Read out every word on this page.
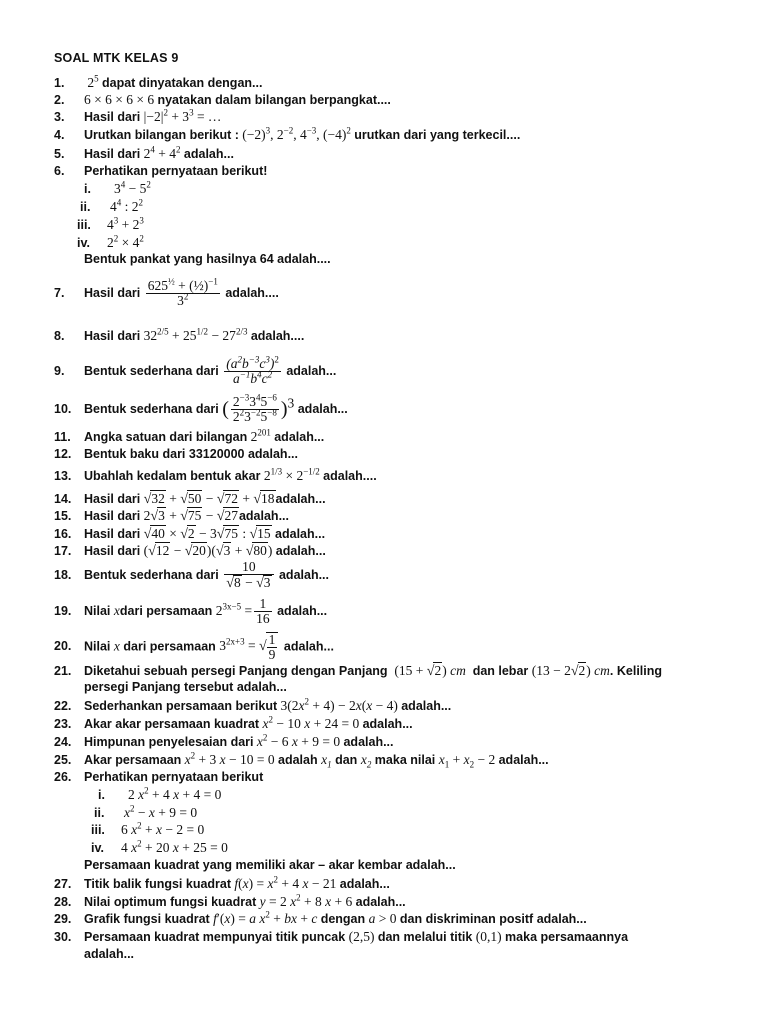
SOAL MTK KELAS 9
1. $2^5$ dapat dinyatakan dengan...
2. 6 × 6 × 6 × 6 nyatakan dalam bilangan berpangkat....
3. Hasil dari $|-2|^2 + 3^3$ = …
4. Urutkan bilangan berikut : $(-2)^3$, $2^{-2}$, $4^{-3}$, $(-4)^2$ urutkan dari yang terkecil....
5. Hasil dari $2^4 + 4^2$ adalah...
6. Perhatikan pernyataan berikut!
i. $3^4 - 5^2$
ii. $4^4$ : $2^2$
iii. $4^3 + 2^3$
iv. $2^2 \times 4^2$
Bentuk pankat yang hasilnya 64 adalah....
7. Hasil dari $\frac{625^{\frac{1}{2}} + (\frac{1}{2})^{-1}}{3^2}$ adalah....
8. Hasil dari $32^{2/5} + 25^{1/2} - 27^{2/3}$ adalah....
9. Bentuk sederhana dari $\frac{(a^2b^{-3}c^3)^2}{a^{-1}b^4c^2}$ adalah...
10. Bentuk sederhana dari ( $\frac{2^{-3}3^45^{-6}}{2^23^{-2}5^{-8}} )^3$ adalah...
11. Angka satuan dari bilangan $2^{201}$ adalah...
12. Bentuk baku dari 33120000 adalah...
13. Ubahlah kedalam bentuk akar $2^{1/3} \times 2^{-1/2}$ adalah....
14. Hasil dari √32 + √50 − √72 + √18adalah...
15. Hasil dari 2√3 + √75 − √27adalah...
16. Hasil dari √40 × √2 − 3√75 : √15 adalah...
17. Hasil dari (√12 − √20)(√3 + √80) adalah...
18. Bentuk sederhana dari $\frac{10}{√8 - √3}$ adalah...
19. Nilai xdari persamaan $2^{3x-5} = \frac{1}{16}$ adalah...
20. Nilai x dari persamaan $3^{2x+3}$ = √ $\frac{1}{9}$ adalah...
21. Diketahui sebuah persegi Panjang dengan Panjang  (15 + √2) cm dan lebar (13 − 2√2) cm. Keliling
persegi Panjang tersebut adalah...
22. Sederhankan persamaan berikut $3(2x^2 + 4) - 2x(x - 4)$ adalah...
23. Akar akar persamaan kuadrat $x^2 - 10$ x + 24 = 0 adalah...
24. Himpunan penyelesaian dari $x^2 - 6$ x + 9 = 0 adalah...
25. Akar persamaan $x^2 + 3$ x − 10 = 0 adalah $x_1$ dan $x_2$ maka nilai $x_1 + x_2 - 2$ adalah...
26. Perhatikan pernyataan berikut
i. 2 $x^2 + 4$ x + 4 = 0
ii. $x^2 - x + 9 = 0$
iii. 6 $x^2 + x - 2 = 0$
iv. 4 $x^2 + 20$ x + 25 = 0
Persamaan kuadrat yang memiliki akar – akar kembar adalah...
27. Titik balik fungsi kuadrat $f(x) = x^2 + 4$ x − 21 adalah...
28. Nilai optimum fungsi kuadrat y = 2 $x^2 + 8$ x + 6 adalah...
29. Grafik fungsi kuadrat f′(x) = a $x^2$ + bx + c dengan a > 0 dan diskriminan positf adalah...
30. Persamaan kuadrat mempunyai titik puncak (2,5) dan melalui titik (0,1) maka persamaannya
adalah...
